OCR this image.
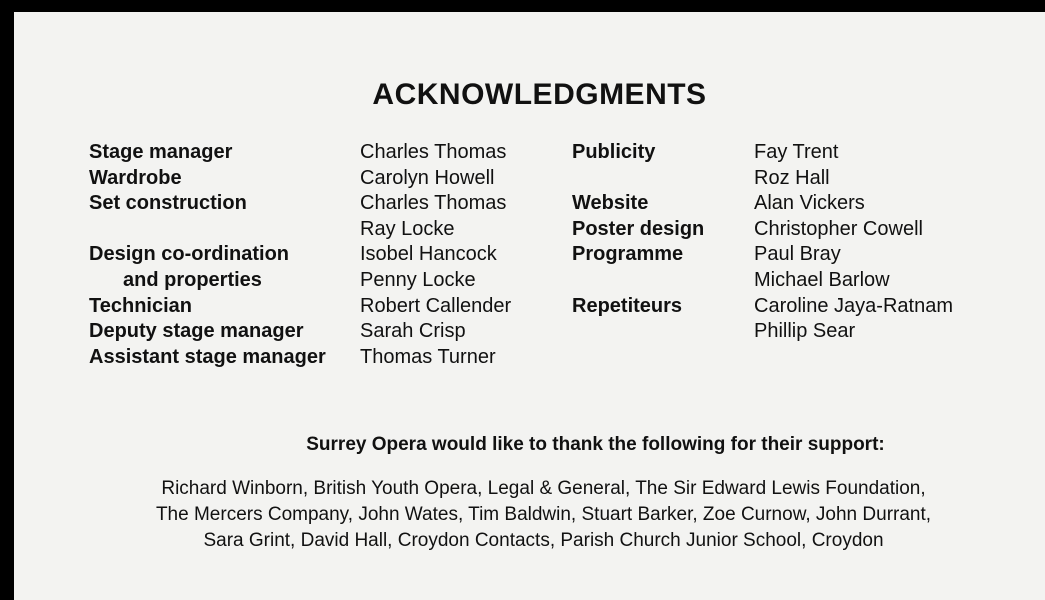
ACKNOWLEDGMENTS
Stage manager
Wardrobe
Set construction
Design co-ordination
and properties
Technician
Deputy stage manager
Assistant stage manager
Charles Thomas
Carolyn Howell
Charles Thomas
Ray Locke
Isobel Hancock
Penny Locke
Robert Callender
Sarah Crisp
Thomas Turner
Publicity
Website
Poster design
Programme
Repetiteurs
Fay Trent
Roz Hall
Alan Vickers
Christopher Cowell
Paul Bray
Michael Barlow
Caroline Jaya-Ratnam
Phillip Sear
Surrey Opera would like to thank the following for their support:
Richard Winborn, British Youth Opera, Legal & General, The Sir Edward Lewis Foundation,
The Mercers Company, John Wates, Tim Baldwin, Stuart Barker, Zoe Curnow, John Durrant,
Sara Grint, David Hall, Croydon Contacts, Parish Church Junior School, Croydon
